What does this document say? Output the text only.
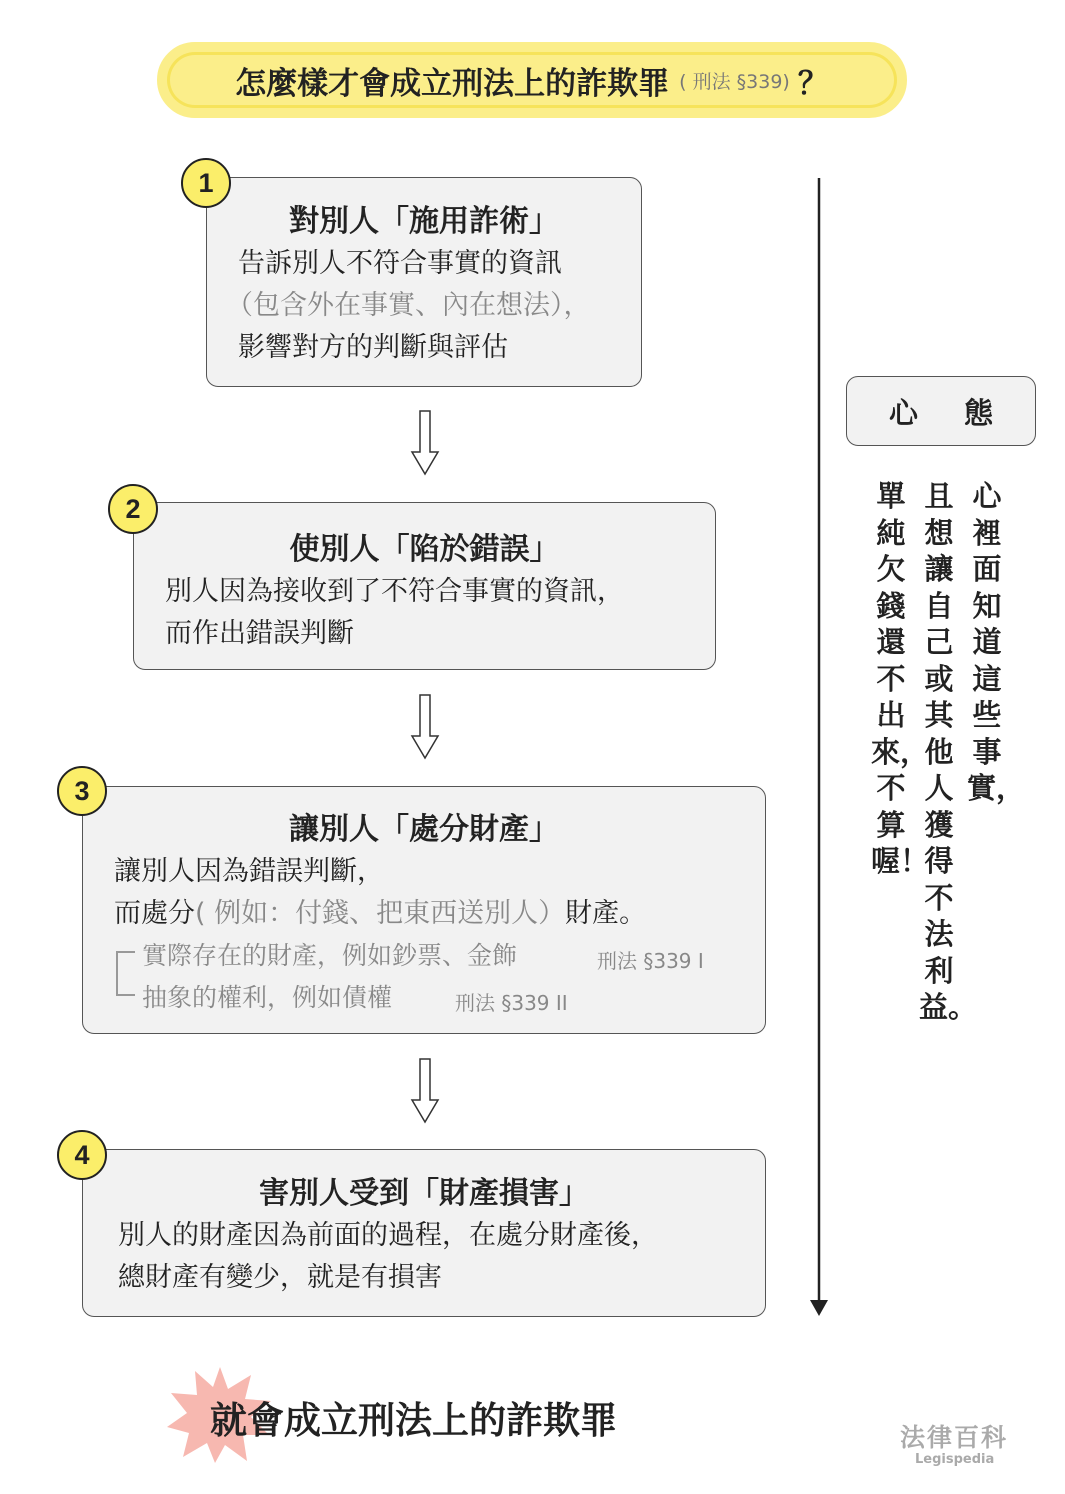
怎麼樣才會成立刑法上的詐欺罪 ( 刑法 §339) ？
1
對別人「施用詐術」
告訴別人不符合事實的資訊
（包含外在事實、內在想法），
影響對方的判斷與評估
2
使別人「陷於錯誤」
別人因為接收到了不符合事實的資訊，
而作出錯誤判斷
3
讓別人「處分財產」
讓別人因為錯誤判斷，
而處分( 例如：付錢、把東西送別人）財產。
實際存在的財產，例如鈔票、金飾	刑法 §339 I
抽象的權利，例如債權	刑法 §339 II
4
害別人受到「財產損害」
別人的財產因為前面的過程，在處分財產後，
總財產有變少，就是有損害
心 態
心裡面知道這些事實，
且想讓自己或其他人獲得不法利益。
單純欠錢還不出來，不算喔！
就會成立刑法上的詐欺罪	法律百科
Legispedia
